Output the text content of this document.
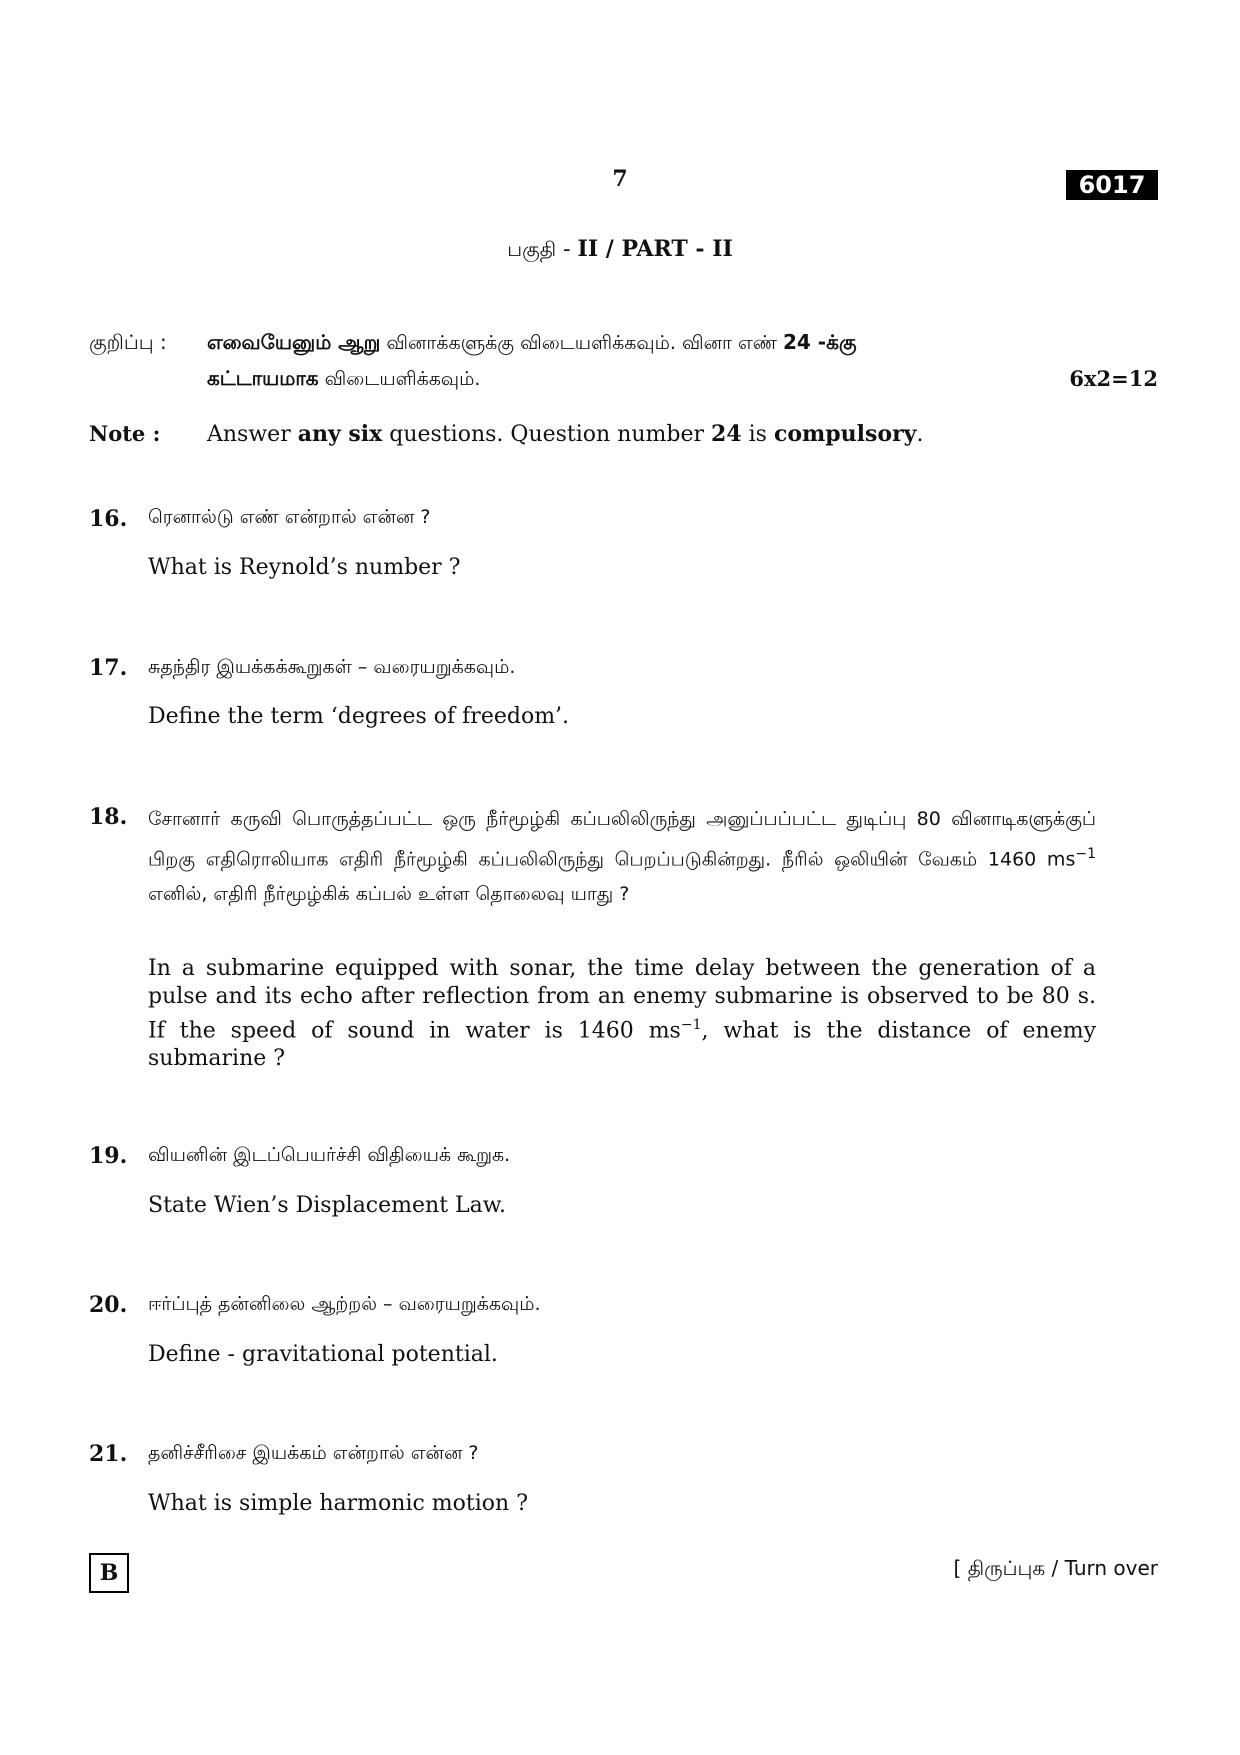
7	6017
பகுதி - II / PART - II
குறிப்பு : எவையேனும் ஆறு வினாக்களுக்கு விடையளிக்கவும். வினா எண் 24 -க்கு
கட்டாயமாக விடையளிக்கவும்.	6x2=12
Note : Answer any six questions. Question number 24 is compulsory.
16. ரெனால்டு எண் என்றால் என்ன ?
What is Reynold’s number ?
17. சுதந்திர இயக்கக்கூறுகள் – வரையறுக்கவும்.
Define the term ‘degrees of freedom’.
18. சோனார் கருவி பொருத்தப்பட்ட ஒரு நீர்மூழ்கி கப்பலிலிருந்து அனுப்பப்பட்ட துடிப்பு 80 வினாடிகளுக்குப் பிறகு எதிரொலியாக எதிரி நீர்மூழ்கி கப்பலிலிருந்து பெறப்படுகின்றது. நீரில் ஒலியின் வேகம் 1460 $ms^{-1}$ எனில், எதிரி நீர்மூழ்கிக் கப்பல் உள்ள தொலைவு யாது ?
In a submarine equipped with sonar, the time delay between the generation of a pulse and its echo after reflection from an enemy submarine is observed to be 80 s. If the speed of sound in water is 1460 $ms^{-1}$, what is the distance of enemy submarine ?
19. வியனின் இடப்பெயர்ச்சி விதியைக் கூறுக.
State Wien’s Displacement Law.
20. ஈர்ப்புத் தன்னிலை ஆற்றல் – வரையறுக்கவும்.
Define - gravitational potential.
21. தனிச்சீரிசை இயக்கம் என்றால் என்ன ?
What is simple harmonic motion ?
B	[ திருப்புக / Turn over
